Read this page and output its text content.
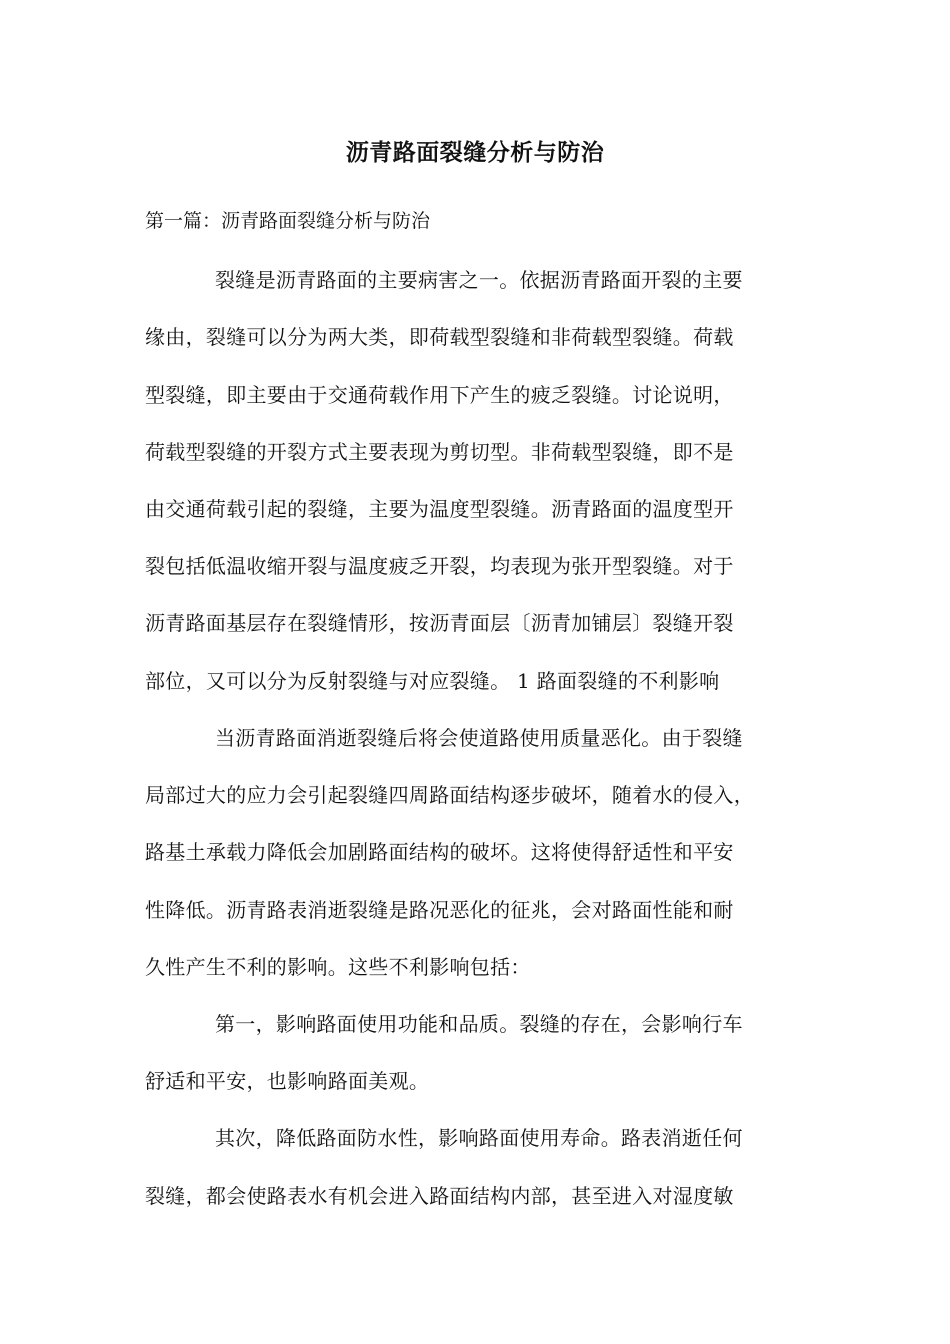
沥青路面裂缝分析与防治

第一篇：沥青路面裂缝分析与防治

裂缝是沥青路面的主要病害之一。依据沥青路面开裂的主要

缘由，裂缝可以分为两大类，即荷载型裂缝和非荷载型裂缝。荷载

型裂缝，即主要由于交通荷载作用下产生的疲乏裂缝。讨论说明，

荷载型裂缝的开裂方式主要表现为剪切型。非荷载型裂缝，即不是

由交通荷载引起的裂缝，主要为温度型裂缝。沥青路面的温度型开

裂包括低温收缩开裂与温度疲乏开裂，均表现为张开型裂缝。对于

沥青路面基层存在裂缝情形，按沥青面层〔沥青加铺层〕裂缝开裂

部位，又可以分为反射裂缝与对应裂缝。 1 路面裂缝的不利影响

当沥青路面消逝裂缝后将会使道路使用质量恶化。由于裂缝

局部过大的应力会引起裂缝四周路面结构逐步破坏，随着水的侵入，

路基土承载力降低会加剧路面结构的破坏。这将使得舒适性和平安

性降低。沥青路表消逝裂缝是路况恶化的征兆，会对路面性能和耐

久性产生不利的影响。这些不利影响包括：

第一，影响路面使用功能和品质。裂缝的存在，会影响行车

舒适和平安，也影响路面美观。

其次，降低路面防水性，影响路面使用寿命。路表消逝任何

裂缝，都会使路表水有机会进入路面结构内部，甚至进入对湿度敏
